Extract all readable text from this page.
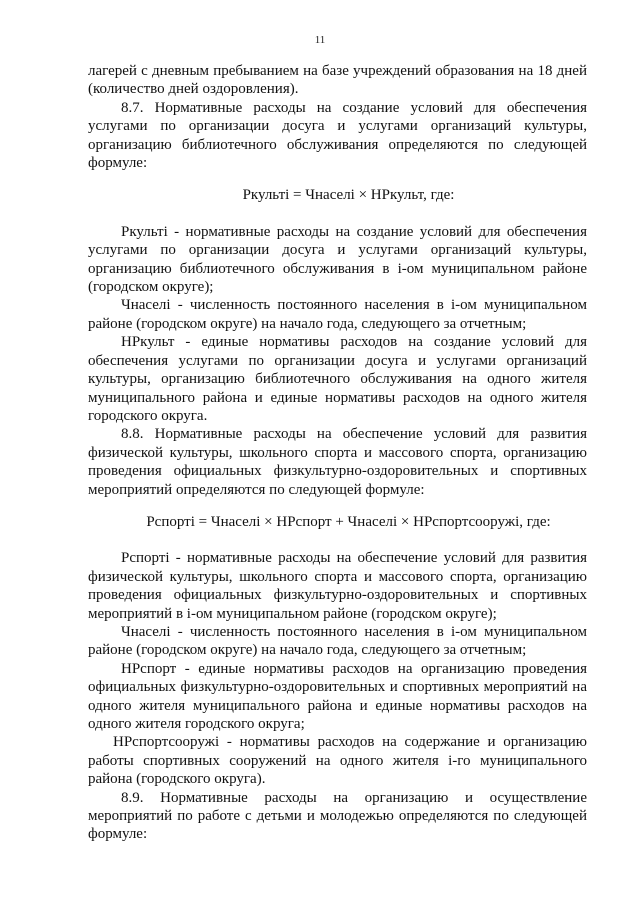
11

лагерей с дневным пребыванием на базе учреждений образования на 18 дней (количество дней оздоровления).

8.7. Нормативные расходы на создание условий для обеспечения услугами по организации досуга и услугами организаций культуры, организацию библиотечного обслуживания определяются по следующей формуле:

Ркульті = Чнаселі × НРкульт, где:

Ркульті - нормативные расходы на создание условий для обеспечения услугами по организации досуга и услугами организаций культуры, организацию библиотечного обслуживания в і-ом муниципальном районе (городском округе);

Чнаселі - численность постоянного населения в і-ом муниципальном районе (городском округе) на начало года, следующего за отчетным;

НРкульт - единые нормативы расходов на создание условий для обеспечения услугами по организации досуга и услугами организаций культуры, организацию библиотечного обслуживания на одного жителя муниципального района и единые нормативы расходов на одного жителя городского округа.

8.8. Нормативные расходы на обеспечение условий для развития физической культуры, школьного спорта и массового спорта, организацию проведения официальных физкультурно-оздоровительных и спортивных мероприятий определяются по следующей формуле:

Рспорті = Чнаселі × НРспорт + Чнаселі × НРспортсооружі, где:

Рспорті - нормативные расходы на обеспечение условий для развития физической культуры, школьного спорта и массового спорта, организацию проведения официальных физкультурно-оздоровительных и спортивных мероприятий в і-ом муниципальном районе (городском округе);

Чнаселі - численность постоянного населения в і-ом муниципальном районе (городском округе) на начало года, следующего за отчетным;

НРспорт - единые нормативы расходов на организацию проведения официальных физкультурно-оздоровительных и спортивных мероприятий на одного жителя муниципального района и единые нормативы расходов на одного жителя городского округа;

НРспортсооружі - нормативы расходов на содержание и организацию работы спортивных сооружений на одного жителя і-го муниципального района (городского округа).

8.9. Нормативные расходы на организацию и осуществление мероприятий по работе с детьми и молодежью определяются по следующей формуле:
